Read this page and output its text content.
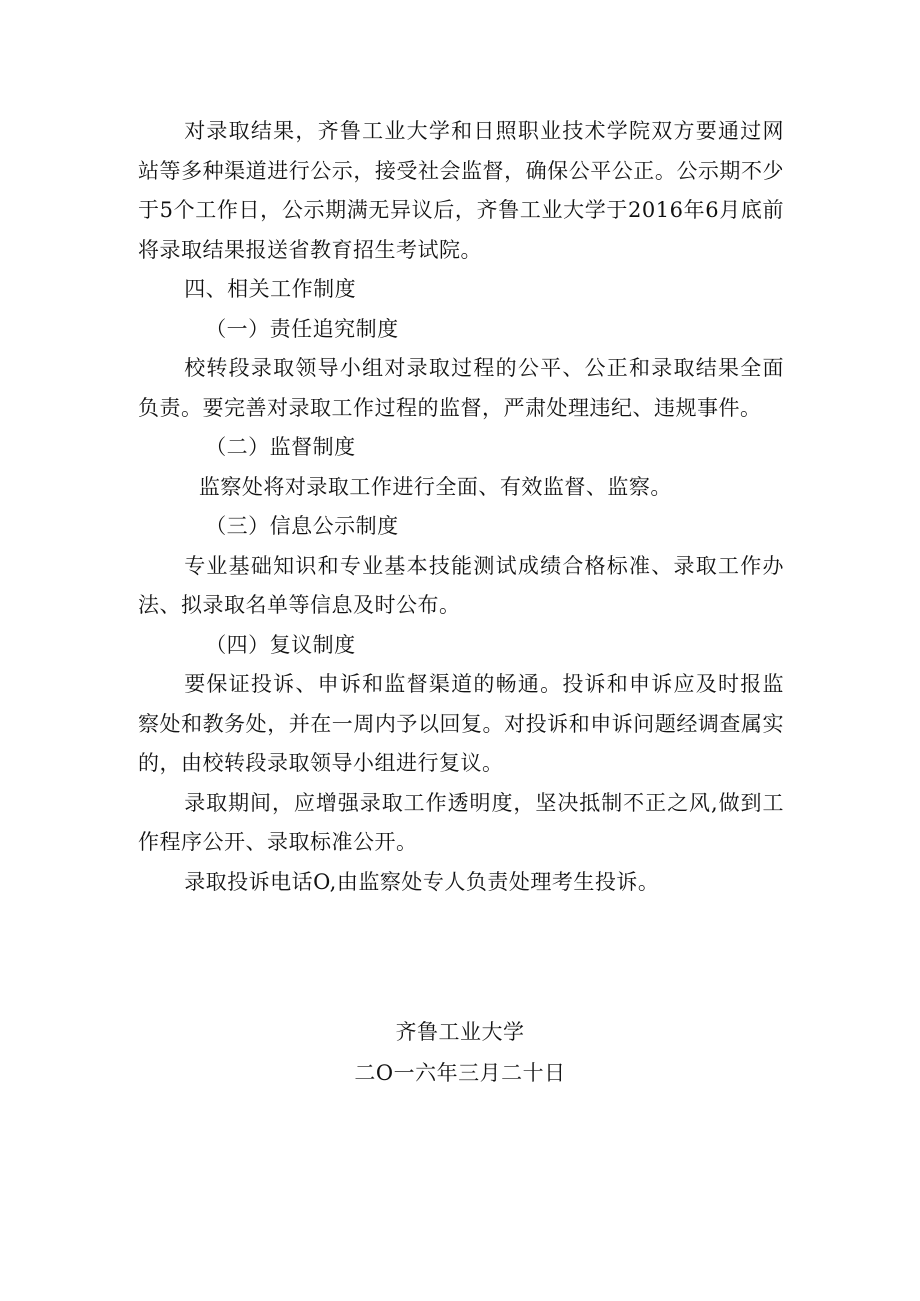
对录取结果，齐鲁工业大学和日照职业技术学院双方要通过网站等多种渠道进行公示，接受社会监督，确保公平公正。公示期不少于5个工作日，公示期满无异议后，齐鲁工业大学于2016年6月底前将录取结果报送省教育招生考试院。

四、相关工作制度

（一）责任追究制度

校转段录取领导小组对录取过程的公平、公正和录取结果全面负责。要完善对录取工作过程的监督，严肃处理违纪、违规事件。

（二）监督制度

监察处将对录取工作进行全面、有效监督、监察。

（三）信息公示制度

专业基础知识和专业基本技能测试成绩合格标准、录取工作办法、拟录取名单等信息及时公布。

（四）复议制度

要保证投诉、申诉和监督渠道的畅通。投诉和申诉应及时报监察处和教务处，并在一周内予以回复。对投诉和申诉问题经调查属实的，由校转段录取领导小组进行复议。

录取期间，应增强录取工作透明度，坚决抵制不正之风,做到工作程序公开、录取标准公开。

录取投诉电话O,由监察处专人负责处理考生投诉。

齐鲁工业大学

二O一六年三月二十日
